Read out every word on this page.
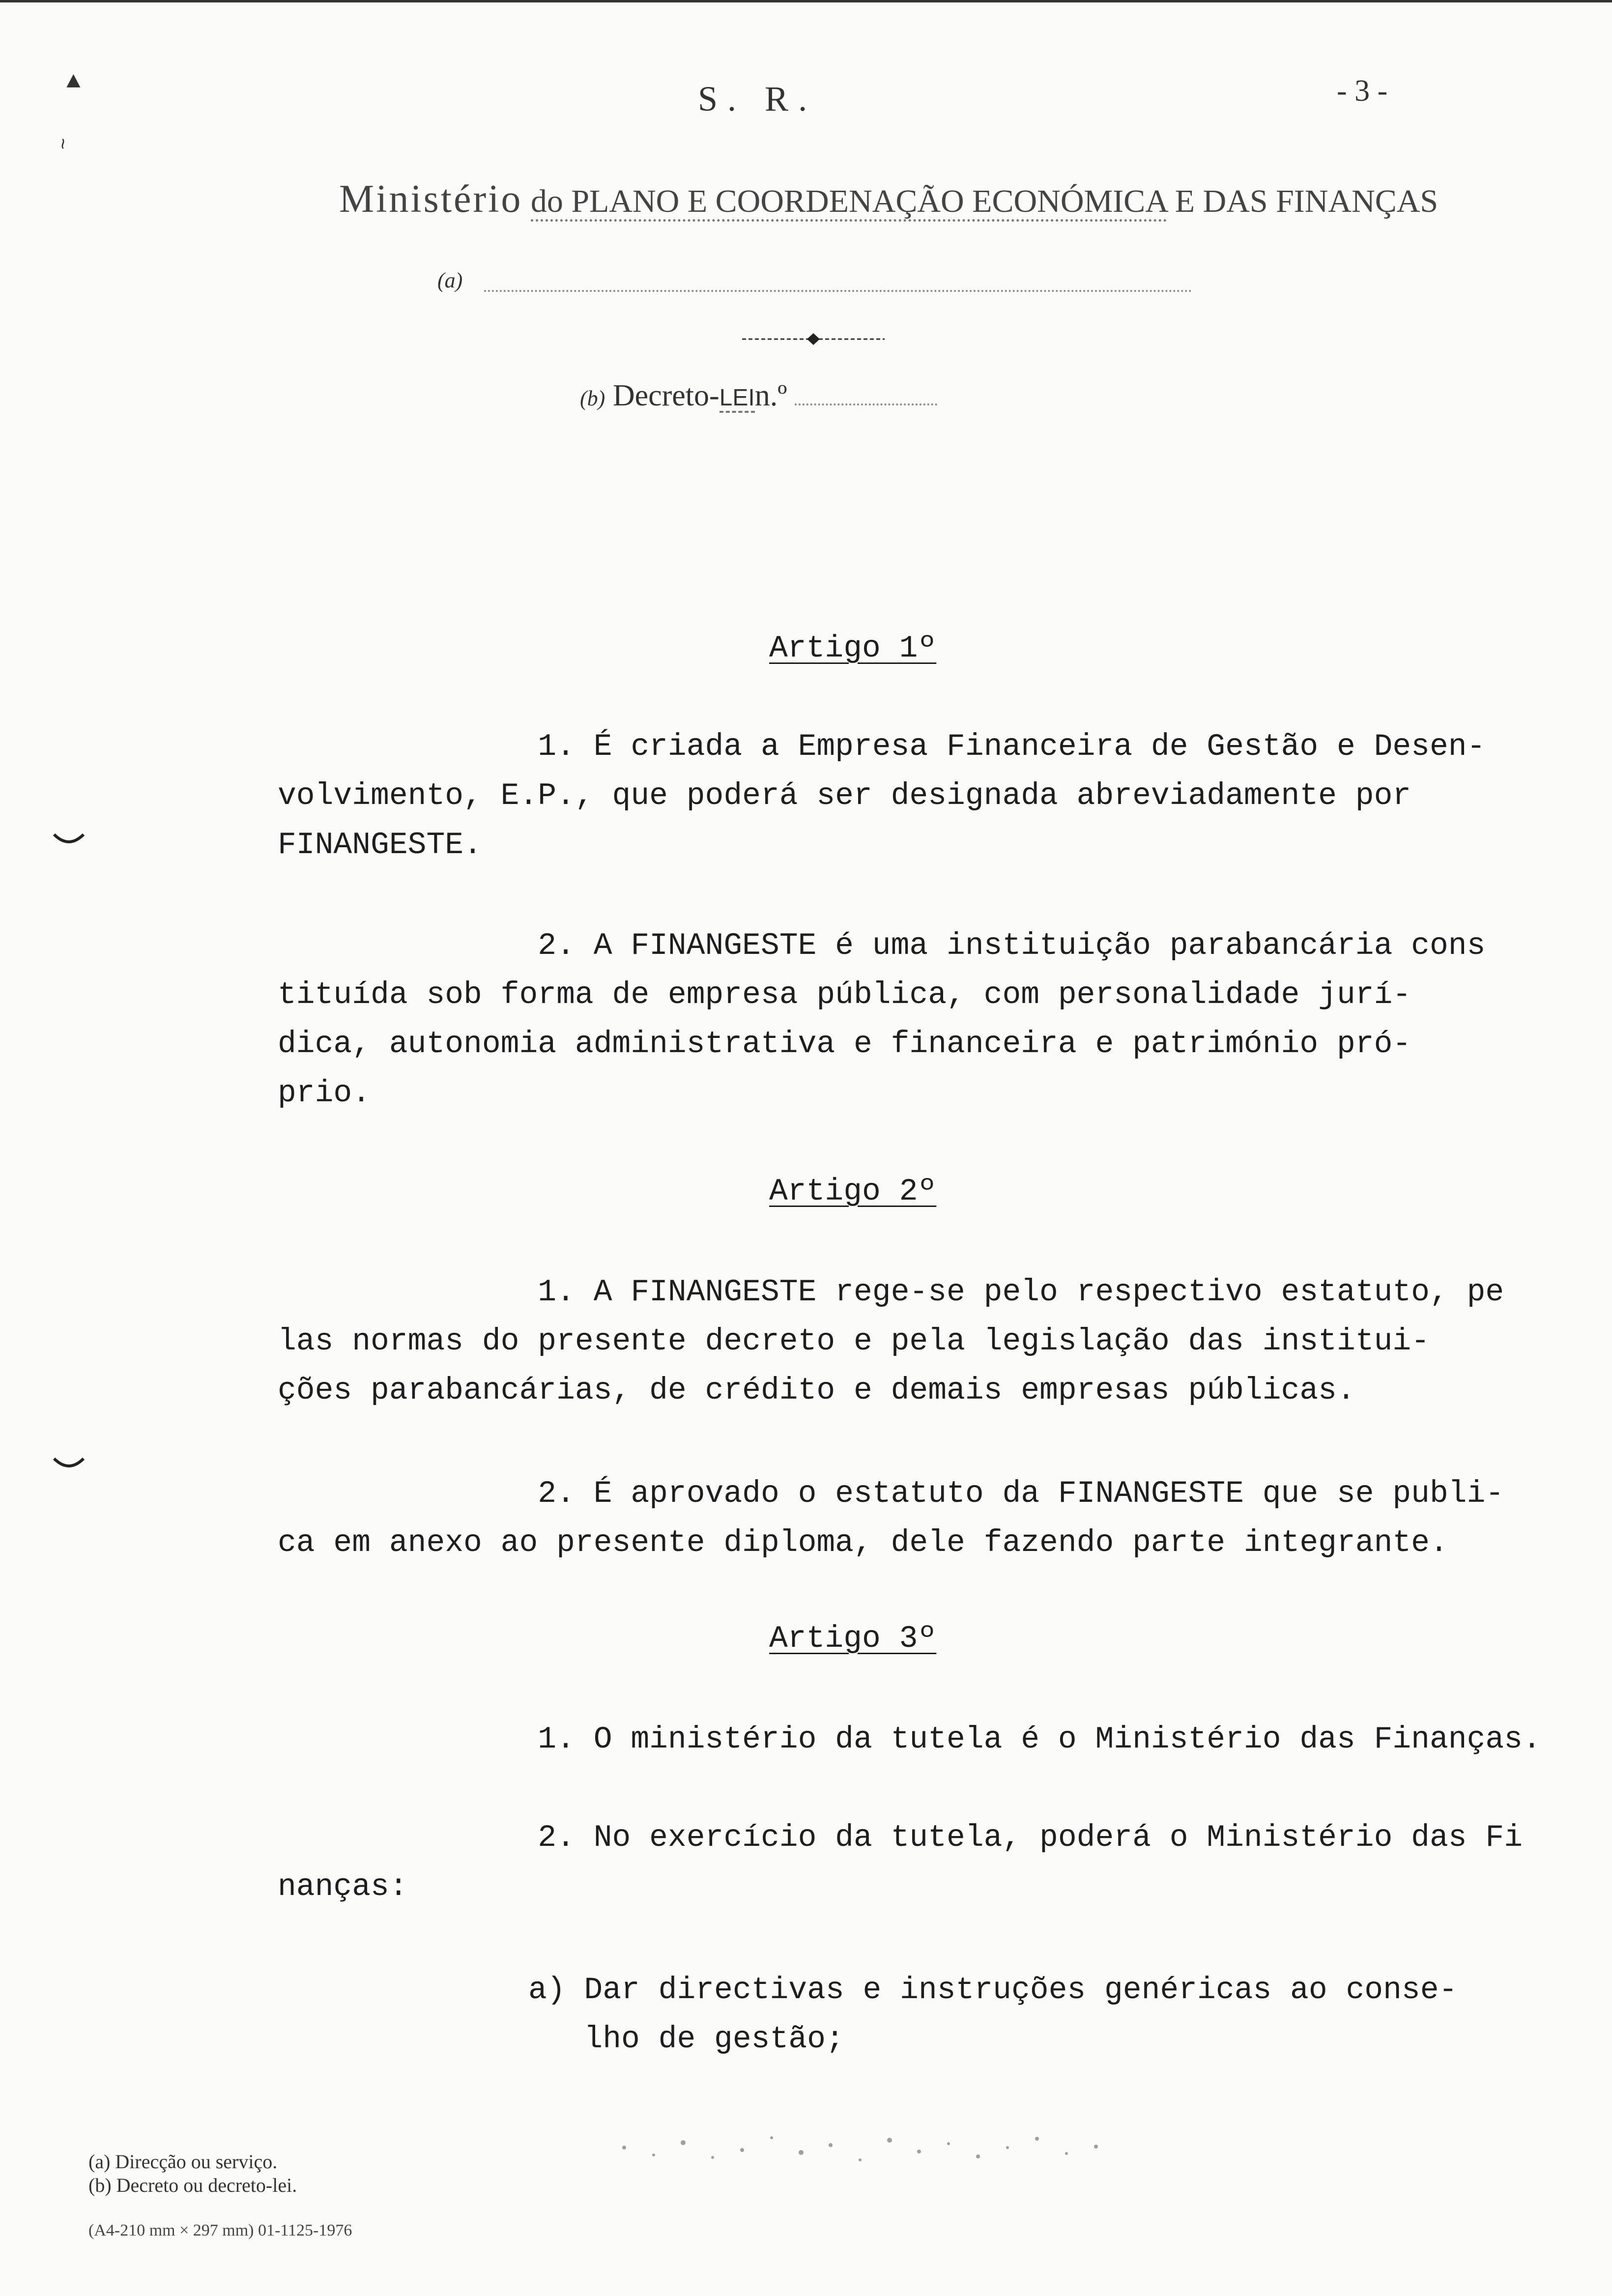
▲
~
S. R.	- 3 -
Ministério do PLANO E COORDENAÇÃO ECONÓMICA E DAS FINANÇAS
(a)
(b) Decreto-LEIn.º
Artigo 1º
1. É criada a Empresa Financeira de Gestão e Desen-
volvimento, E.P., que poderá ser designada abreviadamente por
FINANGESTE.
2. A FINANGESTE é uma instituição parabancária cons
tituída sob forma de empresa pública, com personalidade jurí-
dica, autonomia administrativa e financeira e património pró-
prio.
Artigo 2º
1. A FINANGESTE rege-se pelo respectivo estatuto, pe
las normas do presente decreto e pela legislação das institui-
ções parabancárias, de crédito e demais empresas públicas.
2. É aprovado o estatuto da FINANGESTE que se publi-
ca em anexo ao presente diploma, dele fazendo parte integrante.
Artigo 3º
1. O ministério da tutela é o Ministério das Finanças.
2. No exercício da tutela, poderá o Ministério das Fi
nanças:
a) Dar directivas e instruções genéricas ao conse-
lho de gestão;
(a) Direcção ou serviço.
(b) Decreto ou decreto-lei.
(A4-210 mm × 297 mm) 01-1125-1976
